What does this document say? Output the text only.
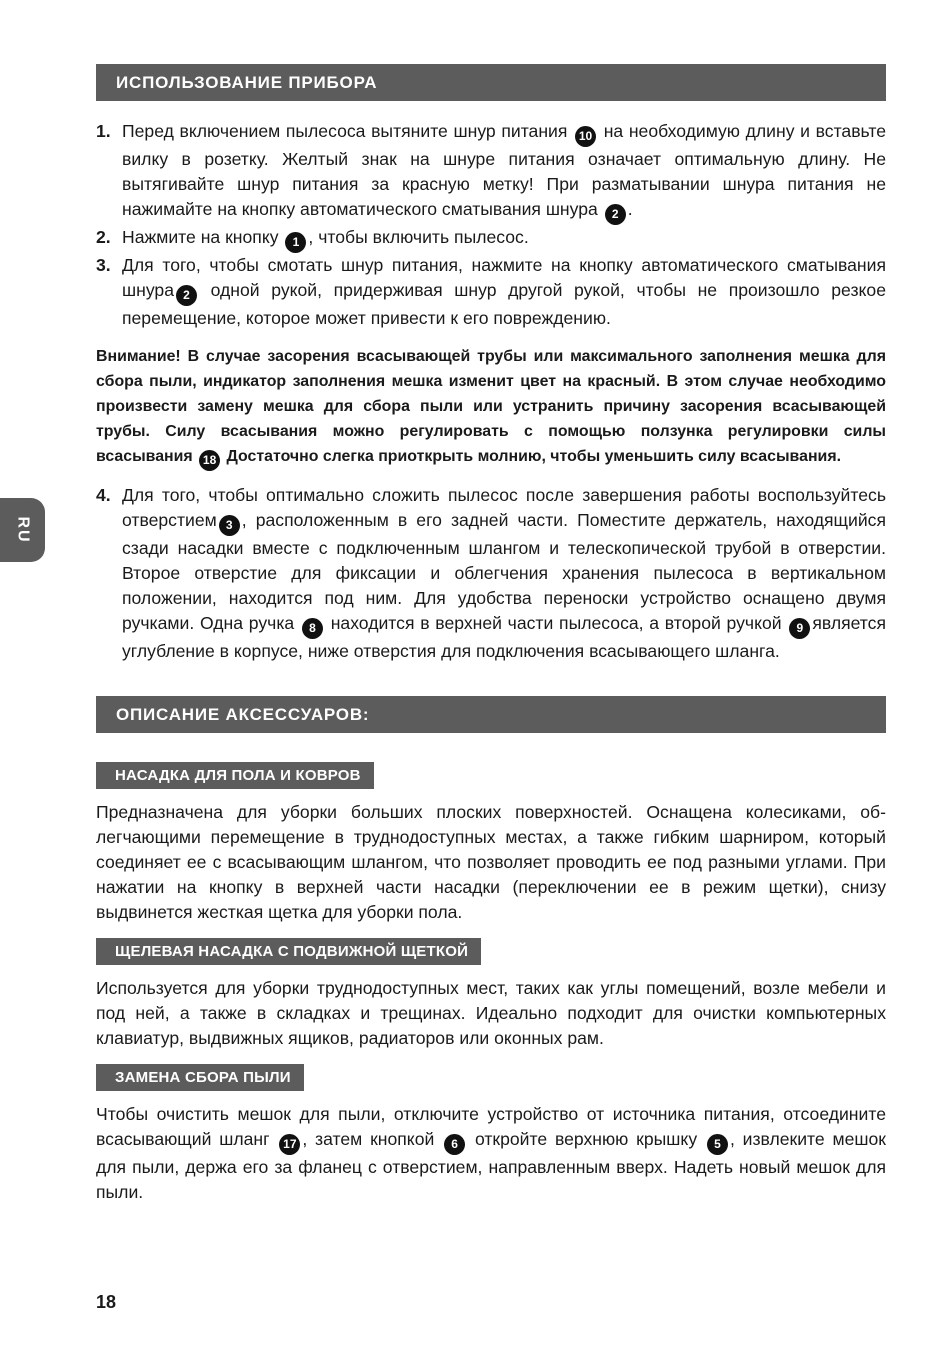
RU
ИСПОЛЬЗОВАНИЕ ПРИБОРА
1. Перед включением пылесоса вытяните шнур питания 10 на необходимую длину и вставьте вилку в розетку. Желтый знак на шнуре питания означает оптимальную длину. Не вытягивайте шнур питания за красную метку! При разматывании шнура питания не нажимайте на кнопку автоматического сматывания шнура 2 .
2. Нажмите на кнопку 1 , чтобы включить пылесос.
3. Для того, чтобы смотать шнур питания, нажмите на кнопку автоматического сматывания шнура 2 одной рукой, придерживая шнур другой рукой, чтобы не произошло резкое перемещение, которое может привести к его повреждению.

Внимание! В случае засорения всасывающей трубы или максимального заполнения мешка для сбора пыли, индикатор заполнения мешка изменит цвет на красный. В этом случае необходимо произвести замену мешка для сбора пыли или устранить причину засорения всасывающей трубы. Силу всасывания можно регулировать с помощью ползунка регулировки силы всасывания 18 Достаточно слегка приоткрыть молнию, чтобы уменьшить силу всасывания.

4. Для того, чтобы оптимально сложить пылесос после завершения работы воспользуйтесь отверстием 3 , расположенным в его задней части. Поместите держатель, находящийся сзади насадки вместе с подключенным шлангом и телескопической трубой в отверстии. Второе отверстие для фиксации и облегчения хранения пылесоса в вертикальном положении, находится под ним. Для удобства переноски устройство оснащено двумя ручками. Одна ручка 8 находится в верхней части пылесоса, а второй ручкой 9 является углубление в корпусе, ниже отверстия для подключения всасывающего шланга.
ОПИСАНИЕ АКСЕССУАРОВ:
НАСАДКА ДЛЯ ПОЛА И КОВРОВ

Предназначена для уборки больших плоских поверхностей. Оснащена колесиками, облегчающими перемещение в труднодоступных местах, а также гибким шарниром, который соединяет ее с всасывающим шлангом, что позволяет проводить ее под разными углами. При нажатии на кнопку в верхней части насадки (переключении ее в режим щетки), снизу выдвинется жесткая щетка для уборки пола.

ЩЕЛЕВАЯ НАСАДКА С ПОДВИЖНОЙ ЩЕТКОЙ

Используется для уборки труднодоступных мест, таких как углы помещений, возле мебели и под ней, а также в складках и трещинах. Идеально подходит для очистки компьютерных клавиатур, выдвижных ящиков, радиаторов или оконных рам.

ЗАМЕНА СБОРА ПЫЛИ

Чтобы очистить мешок для пыли, отключите устройство от источника питания, отсоедините всасывающий шланг 17 , затем кнопкой 6 откройте верхнюю крышку 5 , извлеките мешок для пыли, держа его за фланец с отверстием, направленным вверх. Надеть новый мешок для пыли.

18
